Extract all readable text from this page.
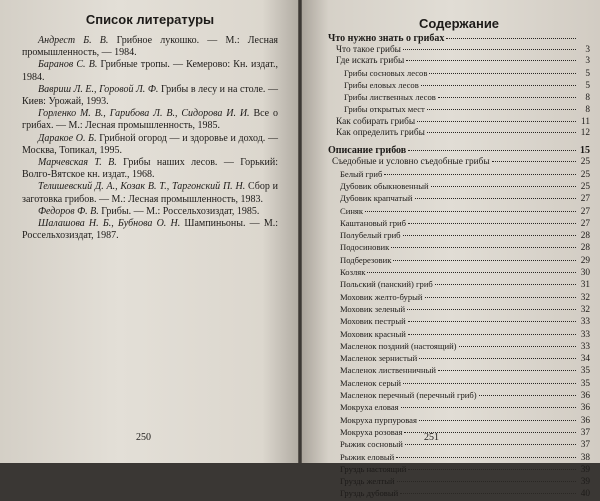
Список литературы

Андрест Б. В. Грибное лукошко. — М.: Лесная промышленность, — 1984.

Баранов С. В. Грибные тропы. — Кемерово: Кн. издат., 1984.

Вавриш Л. Е., Горовой Л. Ф. Грибы в лесу и на столе. — Киев: Урожай, 1993.

Горленко М. В., Гарибова Л. В., Сидорова И. И. Все о грибах. — М.: Лесная промышленность, 1985.

Даракое О. Б. Грибной огород — и здоровье и доход. — Москва, Топикал, 1995.

Марчевская Т. В. Грибы наших лесов. — Горький: Волго-Вятское кн. издат., 1968.

Телишевский Д. А., Козак В. Т., Таргонский П. Н. Сбор и заготовка грибов. — М.: Лесная промышленность, 1983.

Федоров Ф. В. Грибы. — М.: Россельхозиздат, 1985.

Шалашова Н. Б., Бубнова О. Н. Шампиньоны. — М.: Россельхозиздат, 1987.

250
Содержание
Что нужно знать о грибах
Что такое грибы	3
Где искать грибы	3
Грибы сосновых лесов	5
Грибы еловых лесов	5
Грибы лиственных лесов	8
Грибы открытых мест	8
Как собирать грибы	11
Как определить грибы	12
Описание грибов	15
Съедобные и условно съедобные грибы	25
Белый гриб	25
Дубовик обыкновенный	25
Дубовик крапчатый	27
Синяк	27
Каштановый гриб	27
Полубелый гриб	28
Подосиновик	28
Подберезовик	29
Козляк	30
Польский (панский) гриб	31
Моховик желто-бурый	32
Моховик зеленый	32
Моховик пестрый	33
Моховик красный	33
Масленок поздний (настоящий)	33
Масленок зернистый	34
Масленок лиственничный	35
Масленок серый	35
Масленок перечный (перечный гриб)	36
Мокруха еловая	36
Мокруха пурпуровая	36
Мокруха розовая	37
Рыжик сосновый	37
Рыжик еловый	38
Груздь настоящий	39
Груздь желтый	39
Груздь дубовый	40
251
